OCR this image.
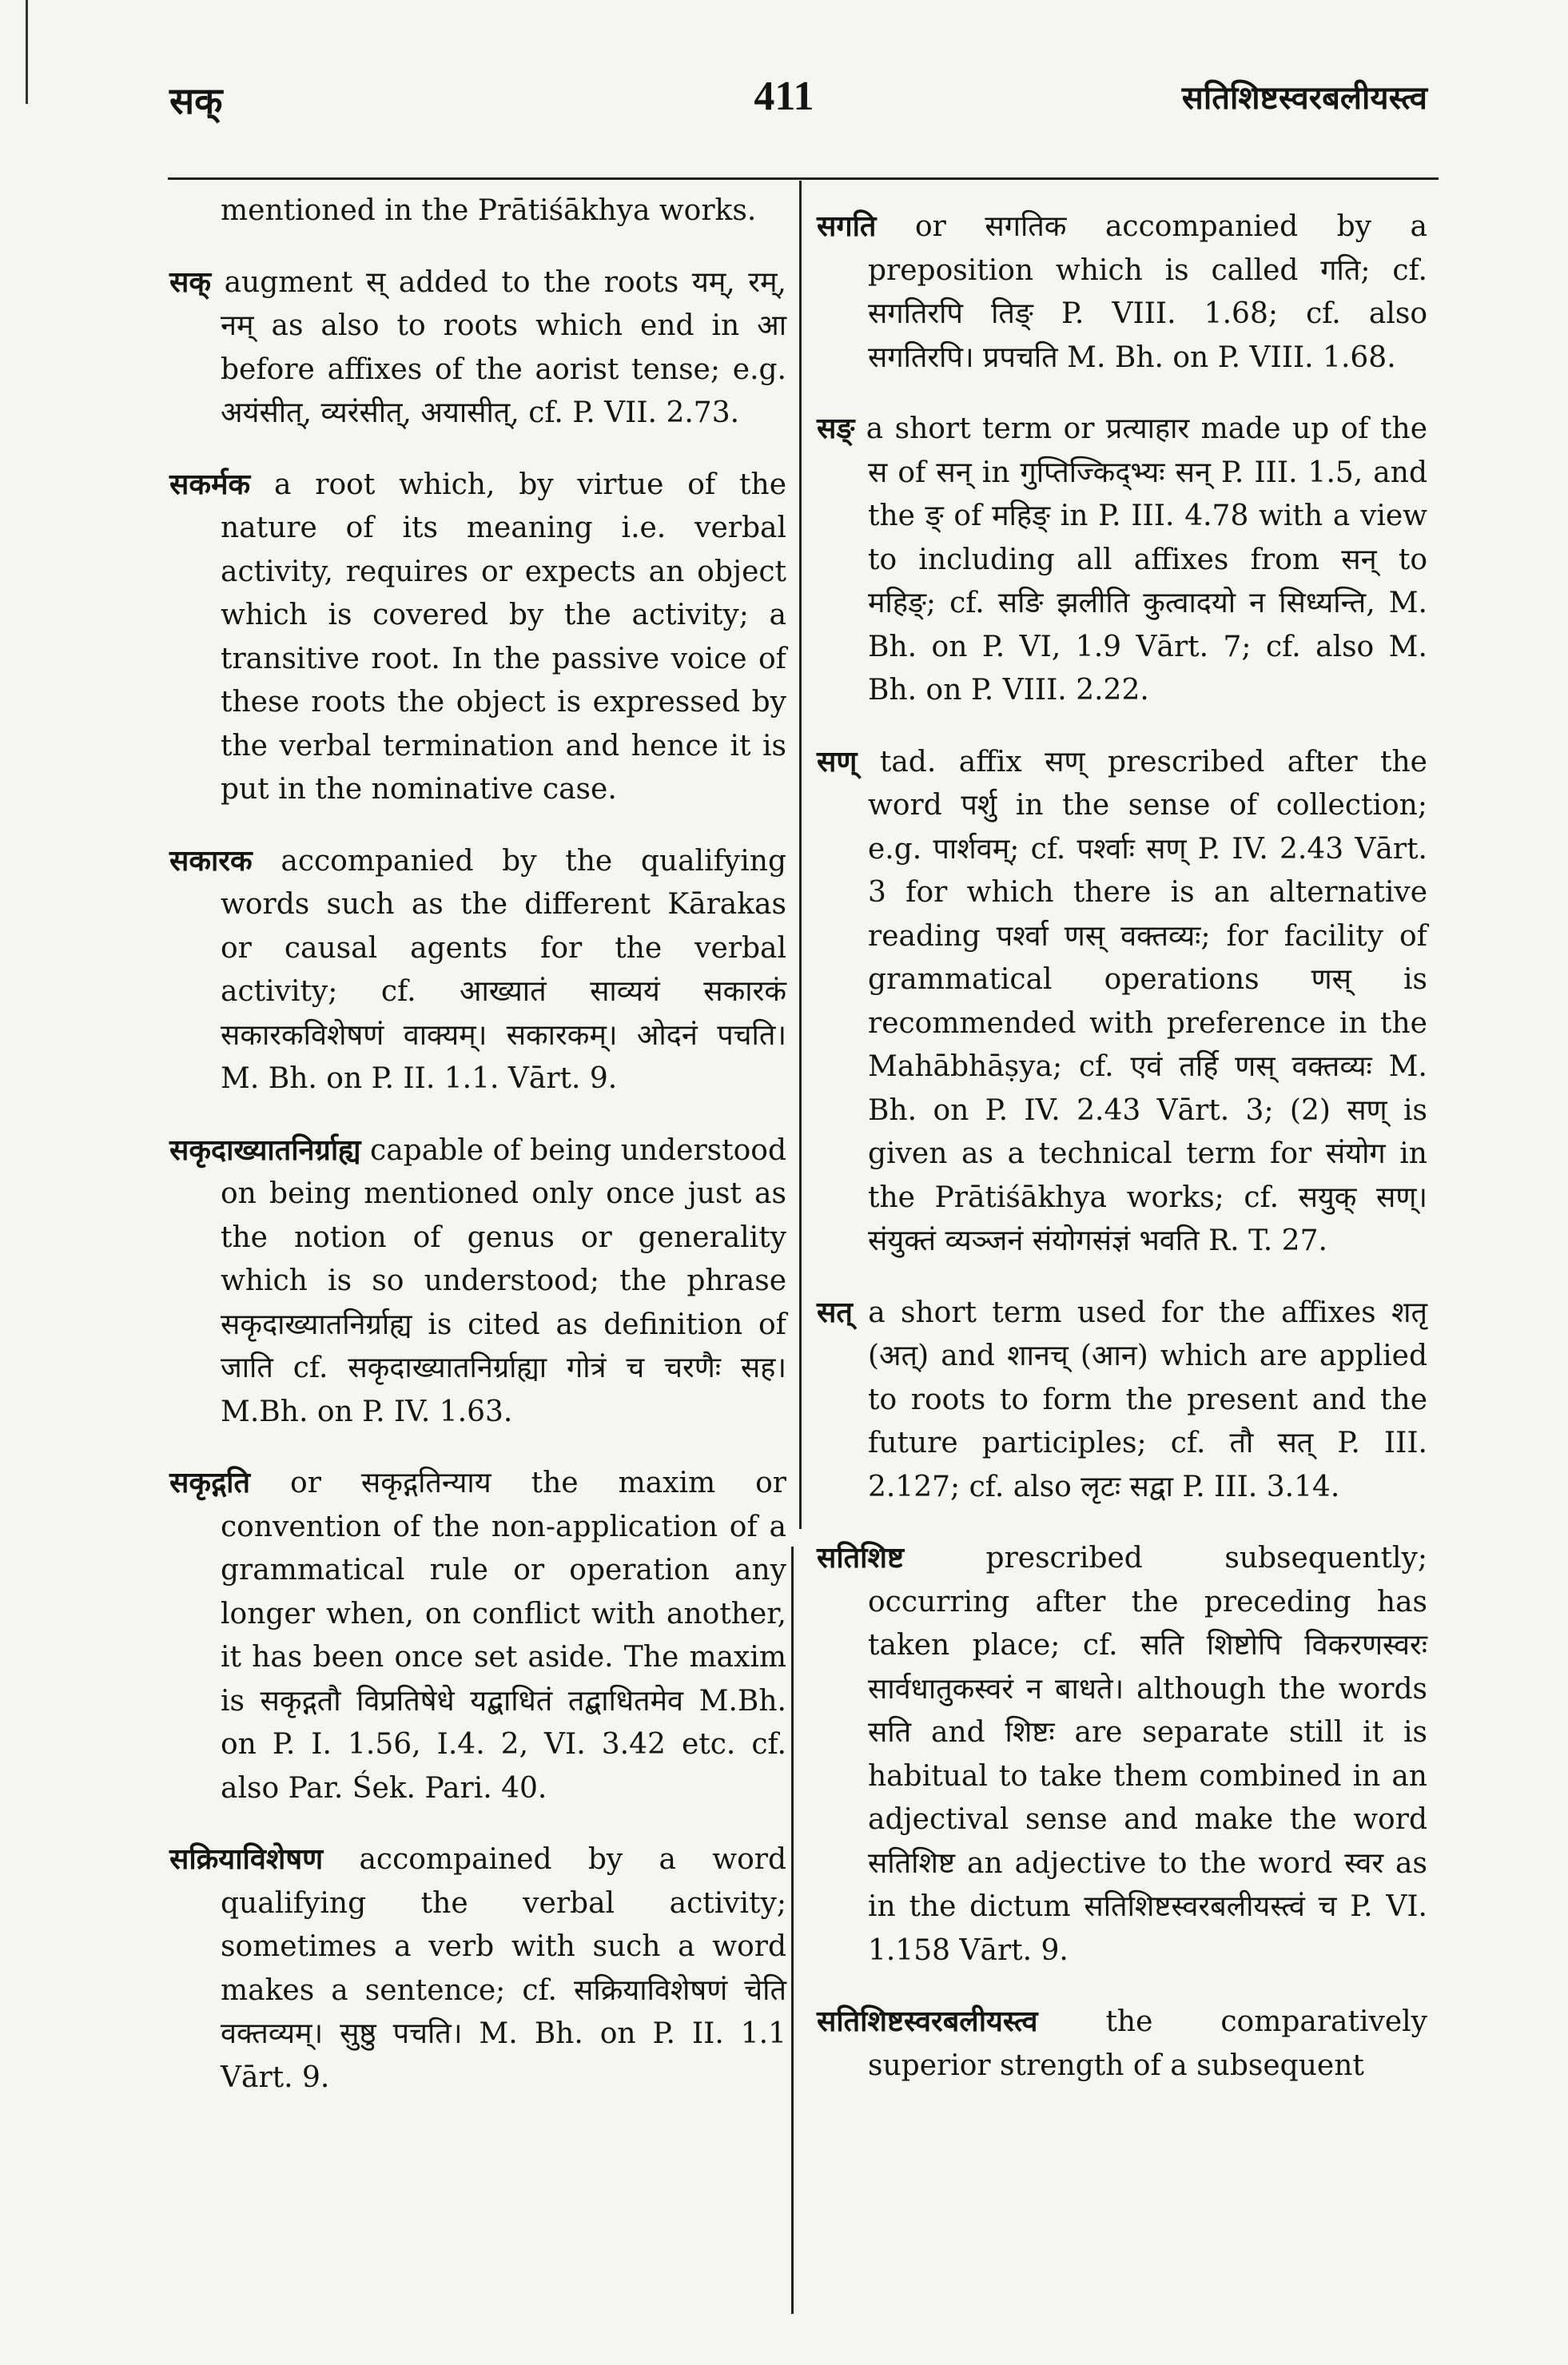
सक्	411	सतिशिष्टस्वरबलीयस्त्व

mentioned in the Prātiśākhya works.

सक् augment स् added to the roots यम्, रम्, नम् as also to roots which end in आ before affixes of the aorist tense; e.g. अयंसीत्, व्यरंसीत्, अयासीत्, cf. P. VII. 2.73.

सकर्मक a root which, by virtue of the nature of its meaning i.e. verbal activity, requires or expects an object which is covered by the activity; a transitive root. In the passive voice of these roots the object is expressed by the verbal termination and hence it is put in the nominative case.

सकारक accompanied by the qualifying words such as the different Kārakas or causal agents for the verbal activity; cf. आख्यातं साव्ययं सकारकं सकारकविशेषणं वाक्यम्। सकारकम्। ओदनं पचति। M. Bh. on P. II. 1.1. Vārt. 9.

सकृदाख्यातनिर्ग्राह्य capable of being understood on being mentioned only once just as the notion of genus or generality which is so understood; the phrase सकृदाख्यातनिर्ग्राह्य is cited as definition of जाति cf. सकृदाख्यातनिर्ग्राह्या गोत्रं च चरणैः सह। M.Bh. on P. IV. 1.63.

सकृद्गति or सकृद्गतिन्याय the maxim or convention of the non-application of a grammatical rule or operation any longer when, on conflict with another, it has been once set aside. The maxim is सकृद्गतौ विप्रतिषेधे यद्बाधितं तद्बाधितमेव M.Bh. on P. I. 1.56, I.4. 2, VI. 3.42 etc. cf. also Par. Śek. Pari. 40.

सक्रियाविशेषण accompained by a word qualifying the verbal activity; sometimes a verb with such a word makes a sentence; cf. सक्रियाविशेषणं चेति वक्तव्यम्। सुष्ठु पचति। M. Bh. on P. II. 1.1 Vārt. 9.

सगति or सगतिक accompanied by a preposition which is called गति; cf. सगतिरपि तिङ् P. VIII. 1.68; cf. also सगतिरपि। प्रपचति M. Bh. on P. VIII. 1.68.

सङ् a short term or प्रत्याहार made up of the स of सन् in गुप्तिज्किद्भ्यः सन् P. III. 1.5, and the ङ् of महिङ् in P. III. 4.78 with a view to including all affixes from सन् to महिङ्; cf. सङि झलीति कुत्वादयो न सिध्यन्ति, M. Bh. on P. VI, 1.9 Vārt. 7; cf. also M. Bh. on P. VIII. 2.22.

सण् tad. affix सण् prescribed after the word पर्शु in the sense of collection; e.g. पार्शवम्; cf. पर्श्वाः सण् P. IV. 2.43 Vārt. 3 for which there is an alternative reading पर्श्वा णस् वक्तव्यः; for facility of grammatical operations णस् is recommended with preference in the Mahābhāṣya; cf. एवं तर्हि णस् वक्तव्यः M. Bh. on P. IV. 2.43 Vārt. 3; (2) सण् is given as a technical term for संयोग in the Prātiśākhya works; cf. सयुक् सण्। संयुक्तं व्यञ्जनं संयोगसंज्ञं भवति R. T. 27.

सत् a short term used for the affixes शतृ (अत्) and शानच् (आन) which are applied to roots to form the present and the future participles; cf. तौ सत् P. III. 2.127; cf. also लृटः सद्वा P. III. 3.14.

सतिशिष्ट prescribed subsequently; occurring after the preceding has taken place; cf. सति शिष्टोपि विकरणस्वरः सार्वधातुकस्वरं न बाधते। although the words सति and शिष्टः are separate still it is habitual to take them combined in an adjectival sense and make the word सतिशिष्ट an adjective to the word स्वर as in the dictum सतिशिष्टस्वरबलीयस्त्वं च P. VI. 1.158 Vārt. 9.

सतिशिष्टस्वरबलीयस्त्व the comparatively superior strength of a subsequent
